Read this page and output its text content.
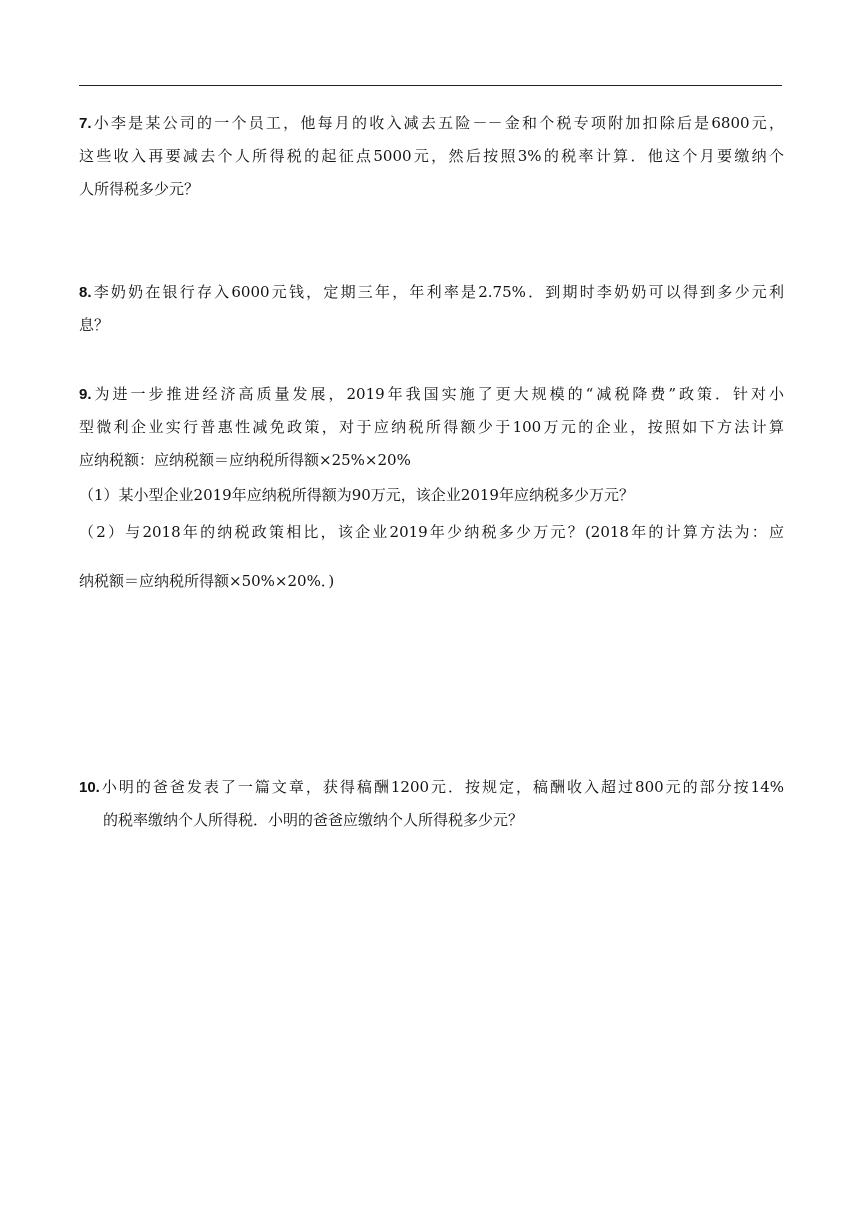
7.小李是某公司的一个员工，他每月的收入减去五险－－金和个税专项附加扣除后是6800元，
这些收入再要减去个人所得税的起征点5000元，然后按照3%的税率计算．他这个月要缴纳个
人所得税多少元？
8.李奶奶在银行存入6000元钱，定期三年，年利率是2.75%．到期时李奶奶可以得到多少元利
息？
9.为进一步推进经济高质量发展，2019年我国实施了更大规模的“减税降费”政策．针对小
型微利企业实行普惠性减免政策，对于应纳税所得额少于100万元的企业，按照如下方法计算
应纳税额：应纳税额＝应纳税所得额×25%×20%
（1）某小型企业2019年应纳税所得额为90万元，该企业2019年应纳税多少万元？
（2）与2018年的纳税政策相比，该企业2019年少纳税多少万元？(2018年的计算方法为：应
纳税额＝应纳税所得额×50%×20%．)
10.小明的爸爸发表了一篇文章，获得稿酬1200元．按规定，稿酬收入超过800元的部分按14%
的税率缴纳个人所得税．小明的爸爸应缴纳个人所得税多少元？
